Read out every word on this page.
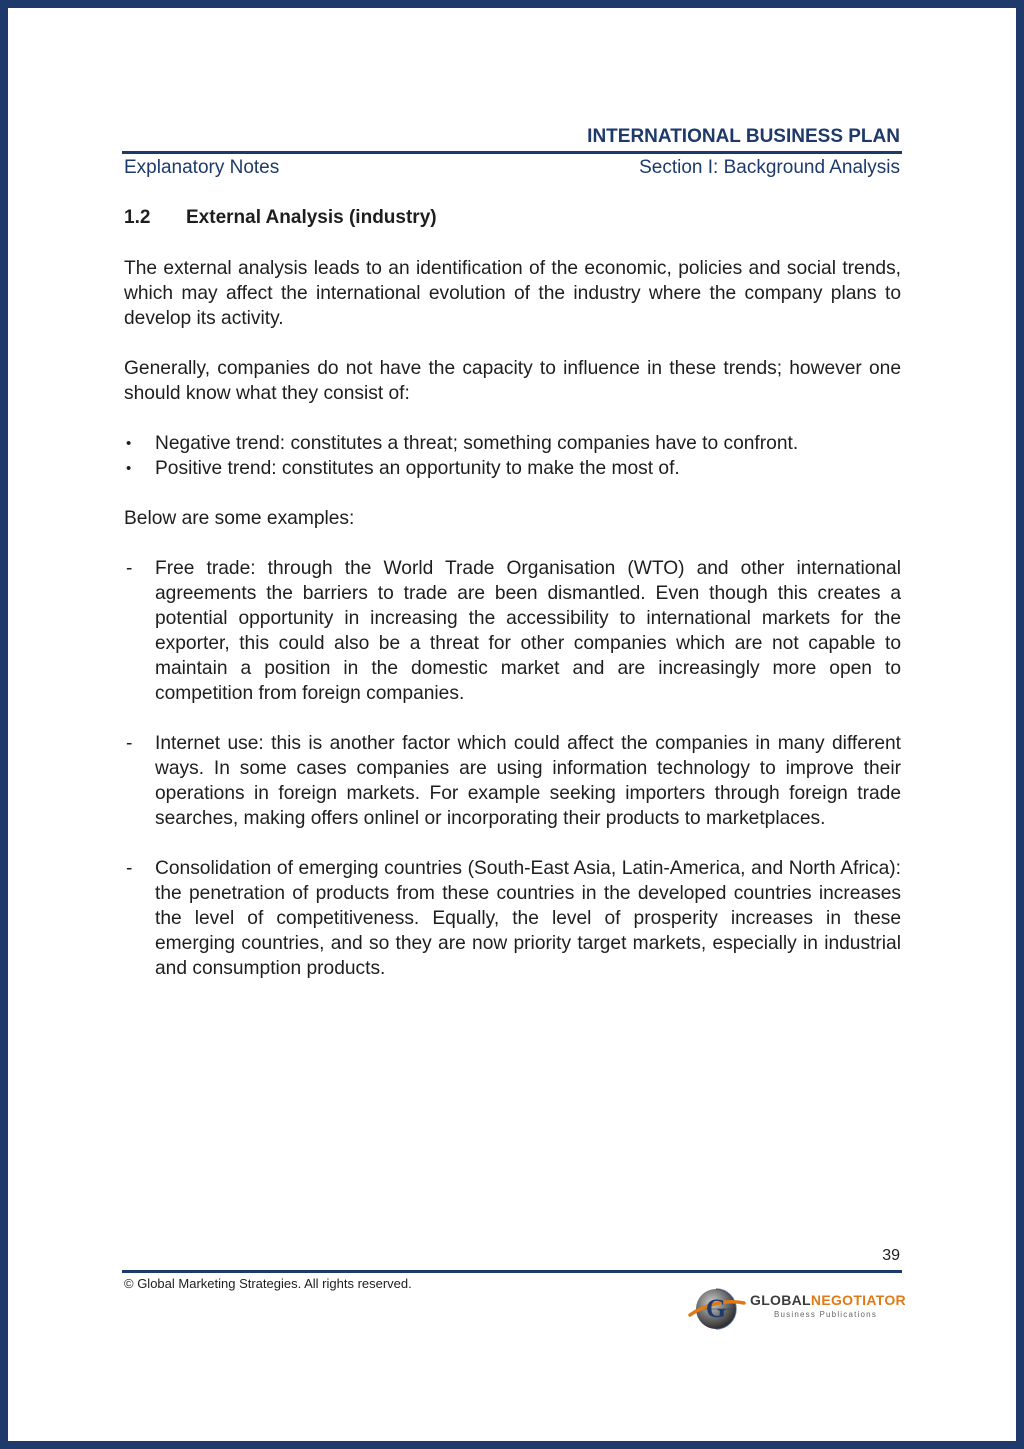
INTERNATIONAL BUSINESS PLAN
Explanatory Notes	Section I: Background Analysis
1.2 External Analysis (industry)

The external analysis leads to an identification of the economic, policies and social trends, which may affect the international evolution of the industry where the company plans to develop its activity.

Generally, companies do not have the capacity to influence in these trends; however one should know what they consist of:

• Negative trend: constitutes a threat; something companies have to confront.
• Positive trend: constitutes an opportunity to make the most of.

Below are some examples:

- Free trade: through the World Trade Organisation (WTO) and other international agreements the barriers to trade are been dismantled. Even though this creates a potential opportunity in increasing the accessibility to international markets for the exporter, this could also be a threat for other companies which are not capable to maintain a position in the domestic market and are increasingly more open to competition from foreign companies.
- Internet use: this is another factor which could affect the companies in many different ways. In some cases companies are using information technology to improve their operations in foreign markets. For example seeking importers through foreign trade searches, making offers onlinel or incorporating their products to marketplaces.
- Consolidation of emerging countries (South-East Asia, Latin-America, and North Africa): the penetration of products from these countries in the developed countries increases the level of competitiveness. Equally, the level of prosperity increases in these emerging countries, and so they are now priority target markets, especially in industrial and consumption products.
39
© Global Marketing Strategies. All rights reserved.
G GLOBALNEGOTIATOR
Business Publications
